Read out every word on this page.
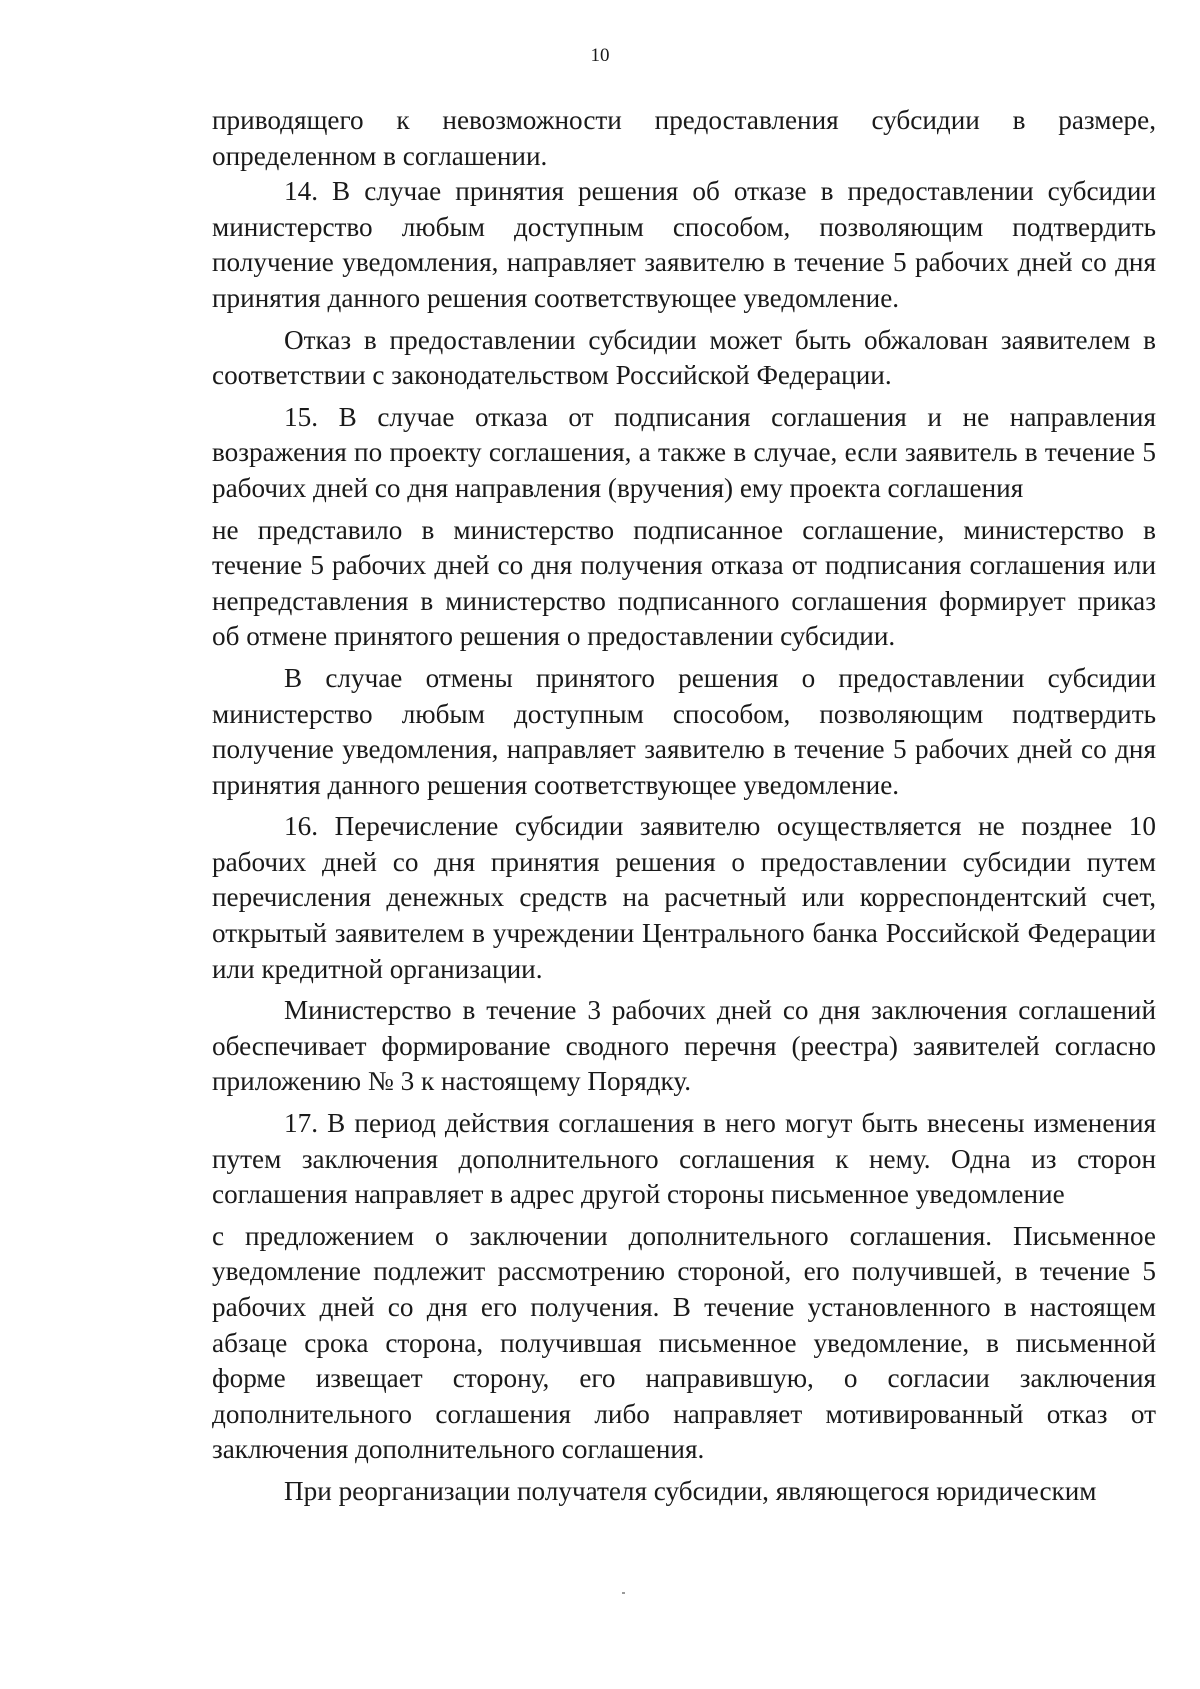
10

приводящего к невозможности предоставления субсидии в размере, определенном в соглашении.

14. В случае принятия решения об отказе в предоставлении субсидии министерство любым доступным способом, позволяющим подтвердить получение уведомления, направляет заявителю в течение 5 рабочих дней со дня принятия данного решения соответствующее уведомление.

Отказ в предоставлении субсидии может быть обжалован заявителем в соответствии с законодательством Российской Федерации.

15. В случае отказа от подписания соглашения и не направления возражения по проекту соглашения, а также в случае, если заявитель в течение 5 рабочих дней со дня направления (вручения) ему проекта соглашения

не представило в министерство подписанное соглашение, министерство в течение 5 рабочих дней со дня получения отказа от подписания соглашения или непредставления в министерство подписанного соглашения формирует приказ об отмене принятого решения о предоставлении субсидии.

В случае отмены принятого решения о предоставлении субсидии министерство любым доступным способом, позволяющим подтвердить получение уведомления, направляет заявителю в течение 5 рабочих дней со дня принятия данного решения соответствующее уведомление.

16. Перечисление субсидии заявителю осуществляется не позднее 10 рабочих дней со дня принятия решения о предоставлении субсидии путем перечисления денежных средств на расчетный или корреспондентский счет, открытый заявителем в учреждении Центрального банка Российской Федерации или кредитной организации.

Министерство в течение 3 рабочих дней со дня заключения соглашений обеспечивает формирование сводного перечня (реестра) заявителей согласно приложению № 3 к настоящему Порядку.

17. В период действия соглашения в него могут быть внесены изменения путем заключения дополнительного соглашения к нему. Одна из сторон соглашения направляет в адрес другой стороны письменное уведомление

с предложением о заключении дополнительного соглашения. Письменное уведомление подлежит рассмотрению стороной, его получившей, в течение 5 рабочих дней со дня его получения. В течение установленного в настоящем абзаце срока сторона, получившая письменное уведомление, в письменной форме извещает сторону, его направившую, о согласии заключения дополнительного соглашения либо направляет мотивированный отказ от заключения дополнительного соглашения.

При реорганизации получателя субсидии, являющегося юридическим
